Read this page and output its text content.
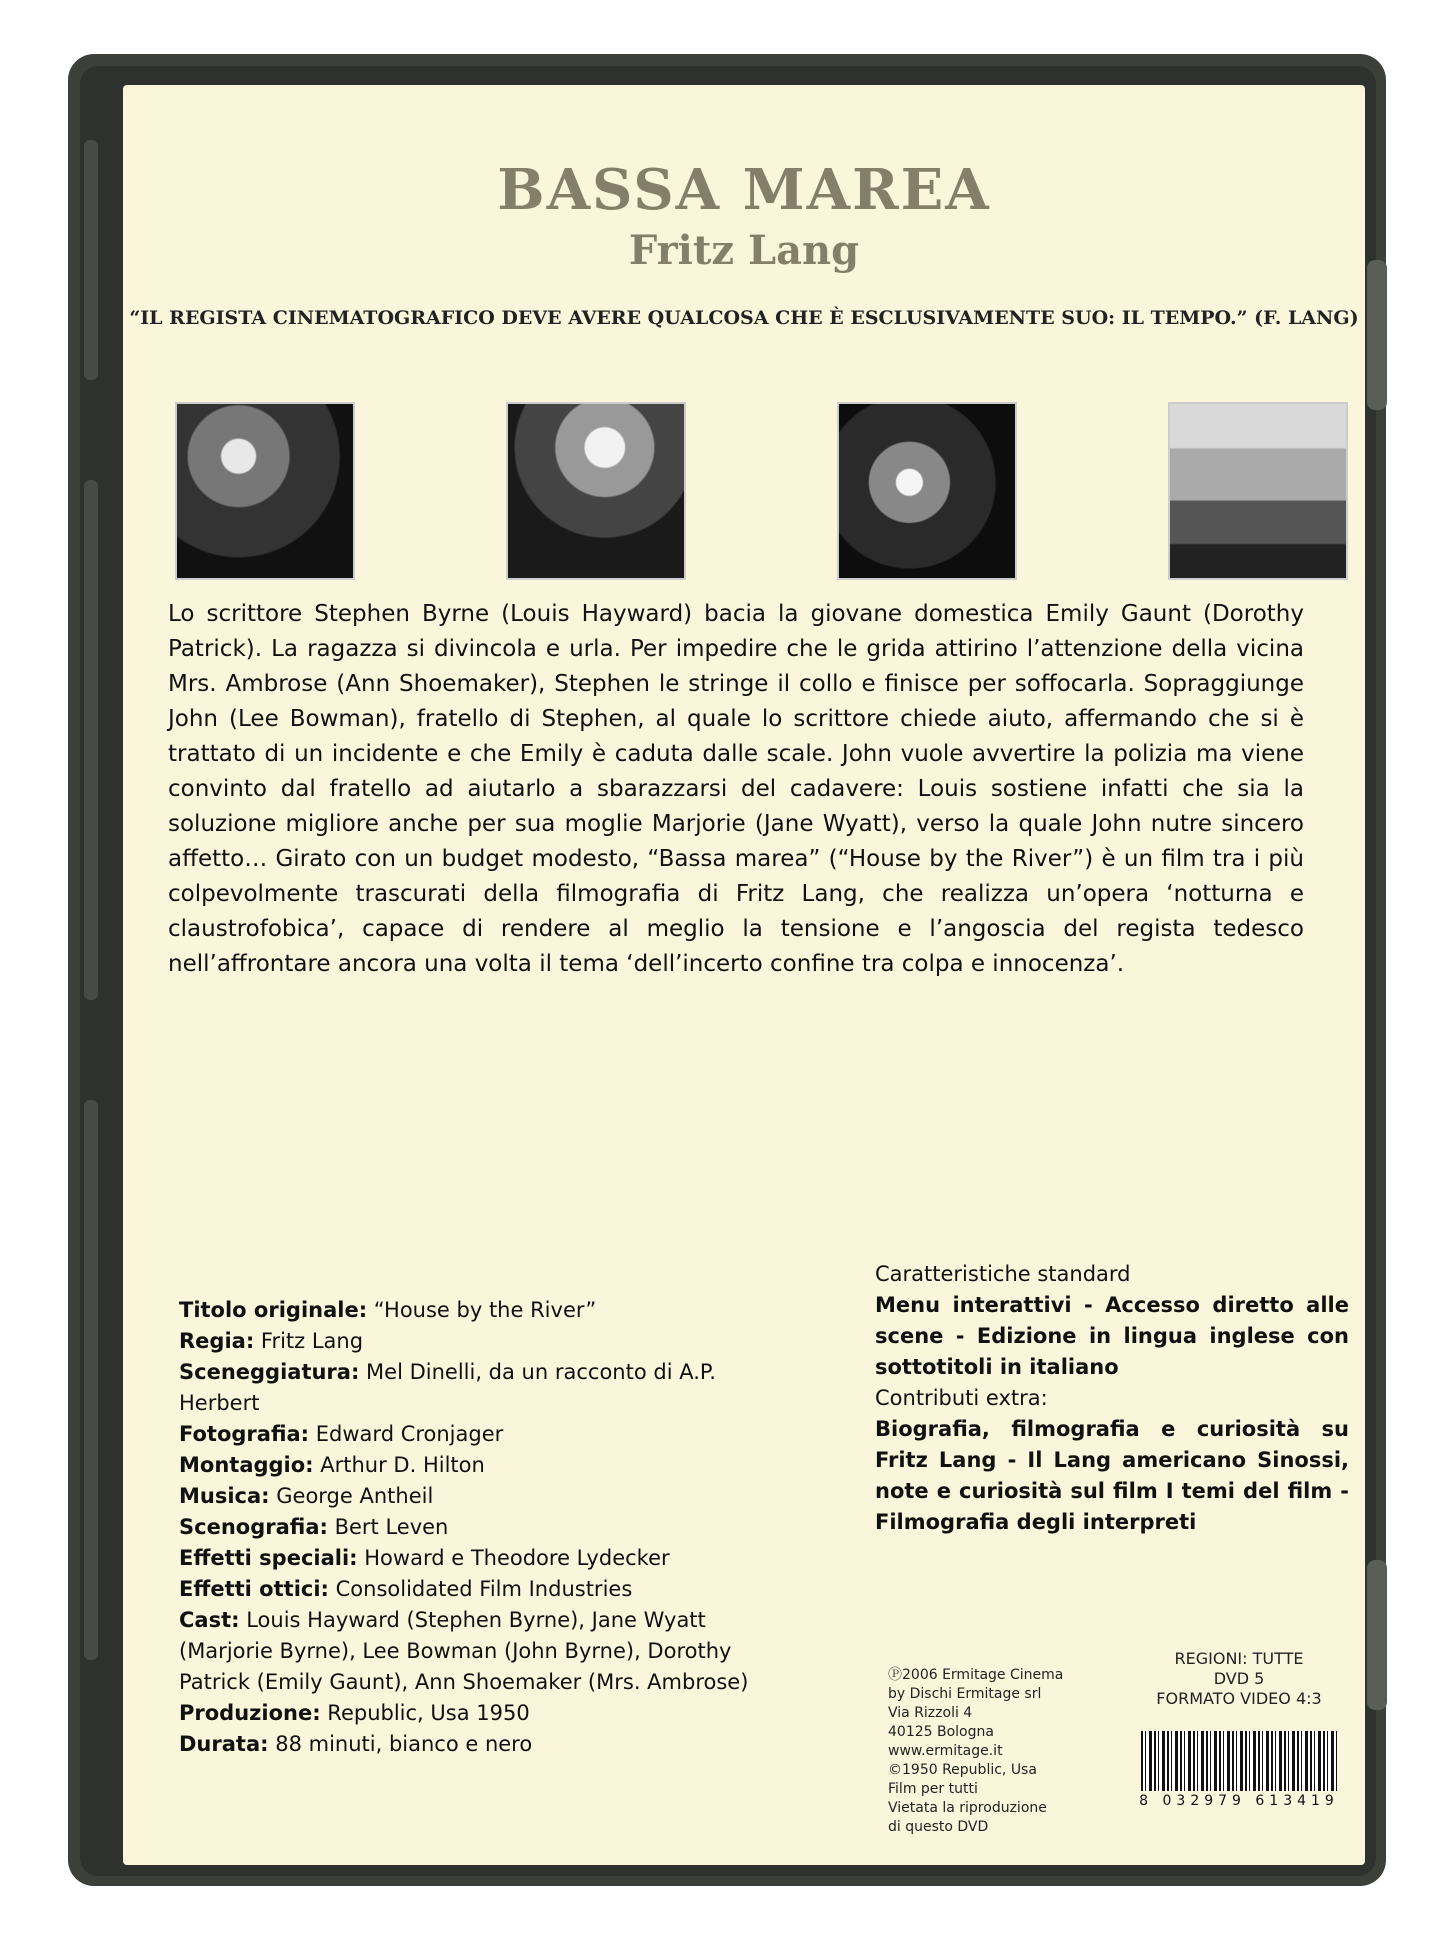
BASSA MAREA
Fritz Lang
“IL REGISTA CINEMATOGRAFICO DEVE AVERE QUALCOSA CHE È ESCLUSIVAMENTE SUO: IL TEMPO.” (F. LANG)
Lo scrittore Stephen Byrne (Louis Hayward) bacia la giovane domestica Emily Gaunt (Dorothy Patrick). La ragazza si divincola e urla. Per impedire che le grida attirino l’attenzione della vicina Mrs. Ambrose (Ann Shoemaker), Stephen le stringe il collo e finisce per soffocarla. Sopraggiunge John (Lee Bowman), fratello di Stephen, al quale lo scrittore chiede aiuto, affermando che si è trattato di un incidente e che Emily è caduta dalle scale. John vuole avvertire la polizia ma viene convinto dal fratello ad aiutarlo a sbarazzarsi del cadavere: Louis sostiene infatti che sia la soluzione migliore anche per sua moglie Marjorie (Jane Wyatt), verso la quale John nutre sincero affetto… Girato con un budget modesto, “Bassa marea” (“House by the River”) è un film tra i più colpevolmente trascurati della filmografia di Fritz Lang, che realizza un’opera ‘notturna e claustrofobica’, capace di rendere al meglio la tensione e l’angoscia del regista tedesco nell’affrontare ancora una volta il tema ‘dell’incerto confine tra colpa e innocenza’.
Titolo originale: “House by the River”
Regia: Fritz Lang
Sceneggiatura: Mel Dinelli, da un racconto di A.P. Herbert
Fotografia: Edward Cronjager
Montaggio: Arthur D. Hilton
Musica: George Antheil
Scenografia: Bert Leven
Effetti speciali: Howard e Theodore Lydecker
Effetti ottici: Consolidated Film Industries
Cast: Louis Hayward (Stephen Byrne), Jane Wyatt (Marjorie Byrne), Lee Bowman (John Byrne), Dorothy Patrick (Emily Gaunt), Ann Shoemaker (Mrs. Ambrose)
Produzione: Republic, Usa 1950
Durata: 88 minuti, bianco e nero
Caratteristiche standard
Menu interattivi - Accesso diretto alle scene - Edizione in lingua inglese con sottotitoli in italiano
Contributi extra:
Biografia, filmografia e curiosità su Fritz Lang - Il Lang americano Sinossi, note e curiosità sul film I temi del film - Filmografia degli interpreti
Ⓟ2006 Ermitage Cinema
by Dischi Ermitage srl
Via Rizzoli 4
40125 Bologna
www.ermitage.it
©1950 Republic, Usa
Film per tutti
Vietata la riproduzione
di questo DVD
REGIONI: TUTTE
DVD 5
FORMATO VIDEO 4:3
8 032979 613419
